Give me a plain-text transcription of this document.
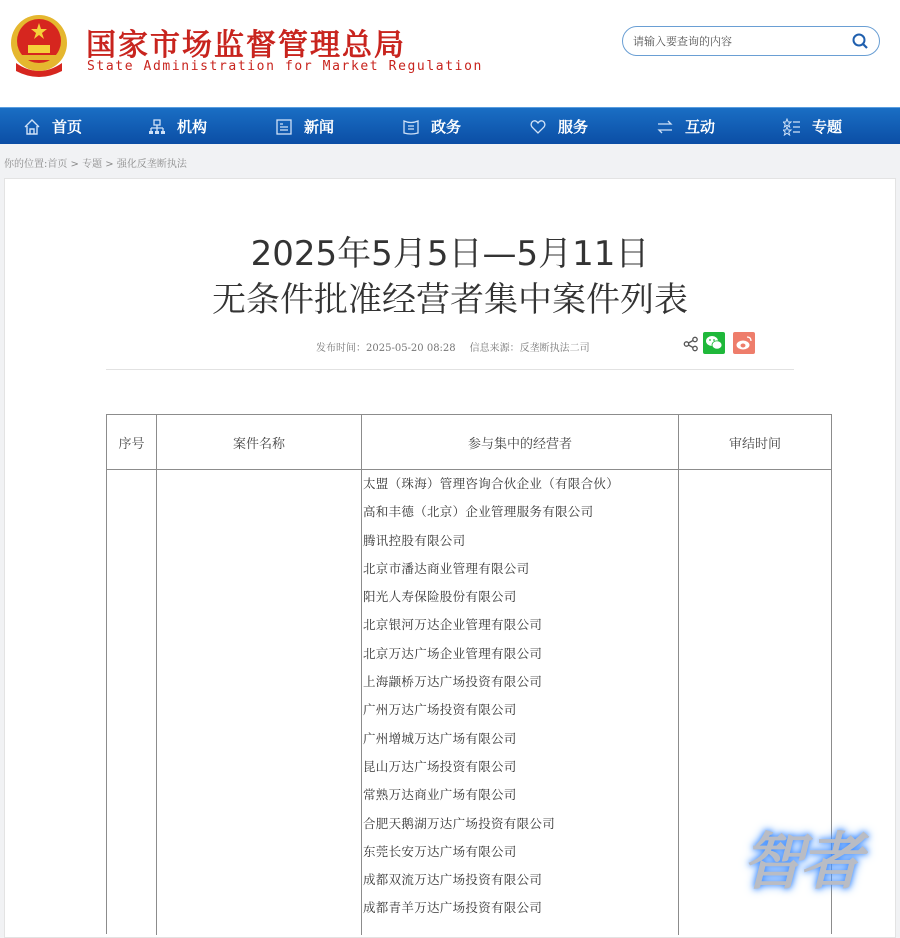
国家市场监督管理总局
State Administration for Market Regulation
请输入要查询的内容
首页	机构	新闻	政务	服务	互动	专题
你的位置:首页 > 专题 > 强化反垄断执法
2025年5月5日—5月11日
无条件批准经营者集中案件列表
发布时间：2025-05-20 08:28 信息来源：反垄断执法二司
序号	案件名称	参与集中的经营者	审结时间
太盟（珠海）管理咨询合伙企业（有限合伙）
高和丰德（北京）企业管理服务有限公司
腾讯控股有限公司
北京市潘达商业管理有限公司
阳光人寿保险股份有限公司
北京银河万达企业管理有限公司
北京万达广场企业管理有限公司
上海颛桥万达广场投资有限公司
广州万达广场投资有限公司
广州增城万达广场有限公司
昆山万达广场投资有限公司
常熟万达商业广场有限公司
合肥天鹅湖万达广场投资有限公司
东莞长安万达广场有限公司
成都双流万达广场投资有限公司
成都青羊万达广场投资有限公司
智者
